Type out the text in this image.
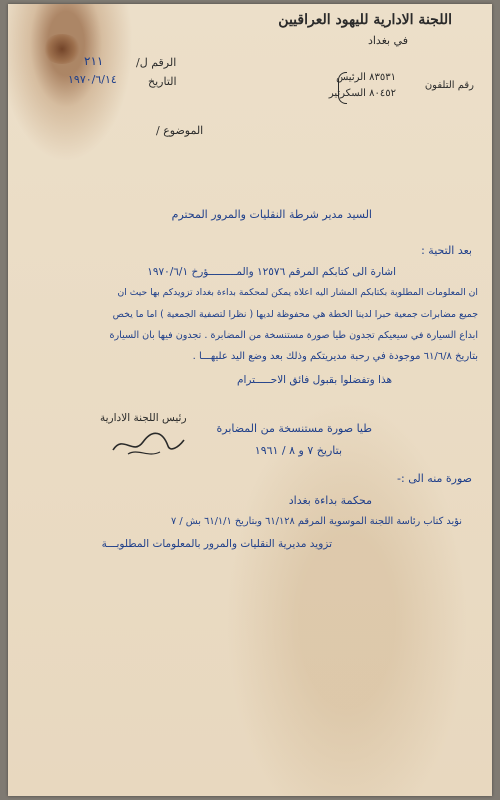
اللجنة الادارية لليهود العراقيين
في بغداد
رقم التلفون
٨٣٥٣١ الرئيس
٨٠٤٥٢ السكرتير
الرقم ل/
٢١١
التاريخ
١٩٧٠/٦/١٤
الموضوع /
السيد مدير شرطة النقليات والمرور المحترم
بعد التحية :
اشارة الى كتابكم المرقم ١٢٥٧٦ والمـــــــــؤرخ ١٩٧٠/٦/١
ان المعلومات المطلوبة بكتابكم المشار اليه اعلاه يمكن لمحكمة بداءة بغداد تزويدكم بها حيث ان
جميع مضابرات جمعية حبرا لدينا الخطة هي محفوظة لديها ( نظرا لتصفية الجمعية ) اما ما يخص
ابداع السيارة في سيعيكم تجدون طيا صورة مستنسخة من المضابرة . تجدون فيها بان السيارة
بتاريخ ٦١/٦/٨ موجودة في رحبة مديريتكم وذلك بعد وضع اليد عليهـــا .
هذا وتفضلوا بقبول فائق الاحـــــترام
رئيس اللجنة الادارية
طيا صورة مستنسخة من المضابرة
بتاريخ ٧ و ٨ / ١٩٦١
صورة منه الى :-
محكمة بداءة بغداد
نؤيد كتاب رئاسة اللجنة الموسوية المرقم ٦١/١٢٨ وبتاريخ ٦١/١/١ بش / ٧
تزويد مديرية النقليات والمرور بالمعلومات المطلوبـــة
